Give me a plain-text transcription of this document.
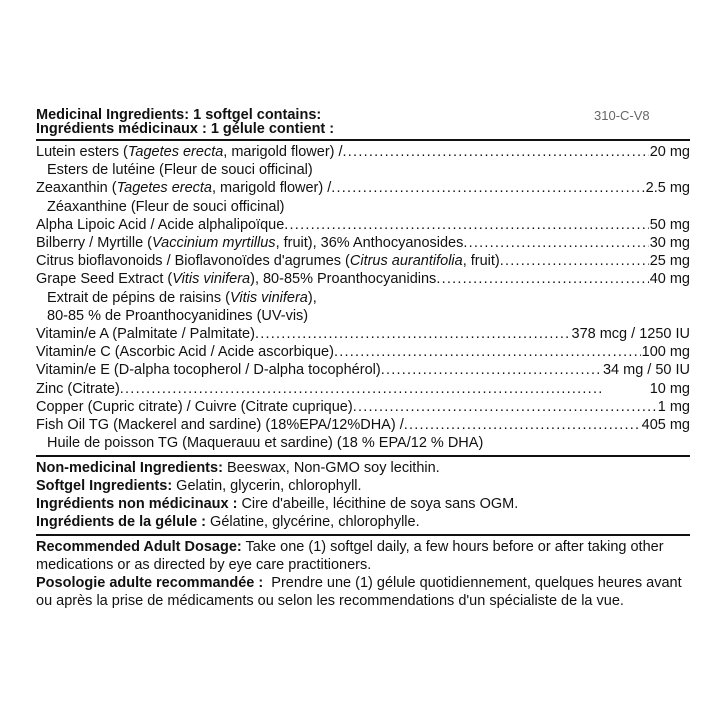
310-C-V8
Medicinal Ingredients: 1 softgel contains:
Ingrédients médicinaux : 1 gélule contient :
Lutein esters (Tagetes erecta, marigold flower) / . . .	20 mg
Esters de lutéine (Fleur de souci officinal)
Zeaxanthin (Tagetes erecta, marigold flower) / . . .	2.5 mg
Zéaxanthine (Fleur de souci officinal)
Alpha Lipoic Acid / Acide alphalipoïque . . .	50 mg
Bilberry / Myrtille (Vaccinium myrtillus, fruit), 36% Anthocyanosides . . .	30 mg
Citrus bioflavonoids / Bioflavonoïdes d'agrumes (Citrus aurantifolia, fruit) . . .	25 mg
Grape Seed Extract (Vitis vinifera), 80-85% Proanthocyanidins . . .	40 mg
Extrait de pépins de raisins (Vitis vinifera),
80-85 % de Proanthocyanidines (UV-vis)
Vitamin/e A (Palmitate / Palmitate) . . .	378 mcg / 1250 IU
Vitamin/e C (Ascorbic Acid / Acide ascorbique) . . .	100 mg
Vitamin/e E (D-alpha tocopherol / D-alpha tocophérol) . . .	34 mg / 50 IU
Zinc (Citrate) . . .	10 mg
Copper (Cupric citrate) / Cuivre (Citrate cuprique) . . .	1 mg
Fish Oil TG (Mackerel and sardine) (18%EPA/12%DHA) / . . .	405 mg
Huile de poisson TG (Maquerauu et sardine) (18 % EPA/12 % DHA)
Non-medicinal Ingredients: Beeswax, Non-GMO soy lecithin.
Softgel Ingredients: Gelatin, glycerin, chlorophyll.
Ingrédients non médicinaux : Cire d'abeille, lécithine de soya sans OGM.
Ingrédients de la gélule : Gélatine, glycérine, chlorophylle.
Recommended Adult Dosage: Take one (1) softgel daily, a few hours before or after taking other medications or as directed by eye care practitioners.
Posologie adulte recommandée :  Prendre une (1) gélule quotidiennement, quelques heures avant ou après la prise de médicaments ou selon les recommendations d'un spécialiste de la vue.
